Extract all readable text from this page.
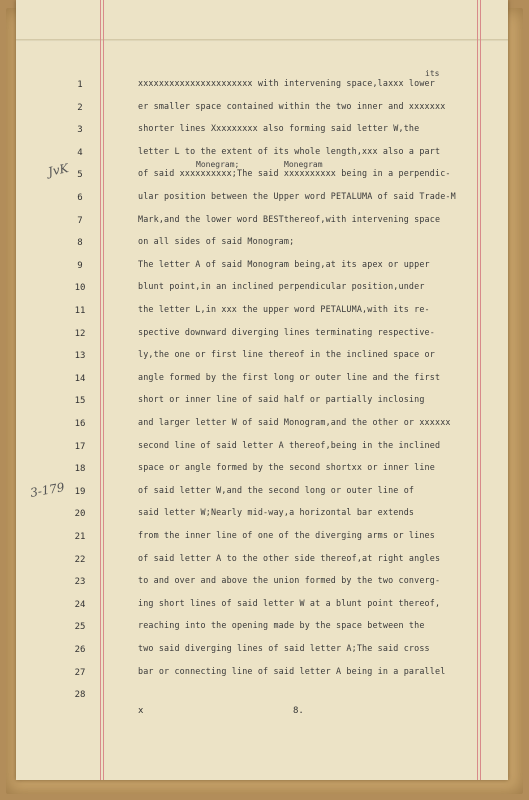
1	xxxxxxxxxxxxxxxxxxxxxx with intervening space,laxxx lower
2	er smaller space contained within the two inner and xxxxxxx
3	shorter lines Xxxxxxxxx also forming said letter W,the
4	letter L to the extent of its whole length,xxx also a part
5	of said xxxxxxxxxx;The said xxxxxxxxxx being in a perpendic-
6	ular position between the Upper word PETALUMA of said Trade-M
7	Mark,and the lower word BESTthereof,with intervening space
8	on all sides of said Monogram;
9	The letter A of said Monogram being,at its apex or upper
10	blunt point,in an inclined perpendicular position,under
11	the letter L,in xxx the upper word PETALUMA,with its re-
12	spective downward diverging lines terminating respective-
13	ly,the one or first line thereof in the inclined space or
14	angle formed by the first long or outer line and the first
15	short or inner line of said half or partially inclosing
16	and larger letter W of said Monogram,and the other or xxxxxx
17	second line of said letter A thereof,being in the inclined
18	space or angle formed by the second shortxx or inner line
19	of said letter W,and the second long or outer line of
20	said letter W;Nearly mid-way,a horizontal bar extends
21	from the inner line of one of the diverging arms or lines
22	of said letter A to the other side thereof,at right angles
23	to and over and above the union formed by the two converg-
24	ing short lines of said letter W at a blunt point thereof,
25	reaching into the opening made by the space between the
26	two said diverging lines of said letter A;The said cross
27	bar or connecting line of said letter A being in a parallel
28
its
Monegram;	Monegram
JvK
3-179
x	8.
